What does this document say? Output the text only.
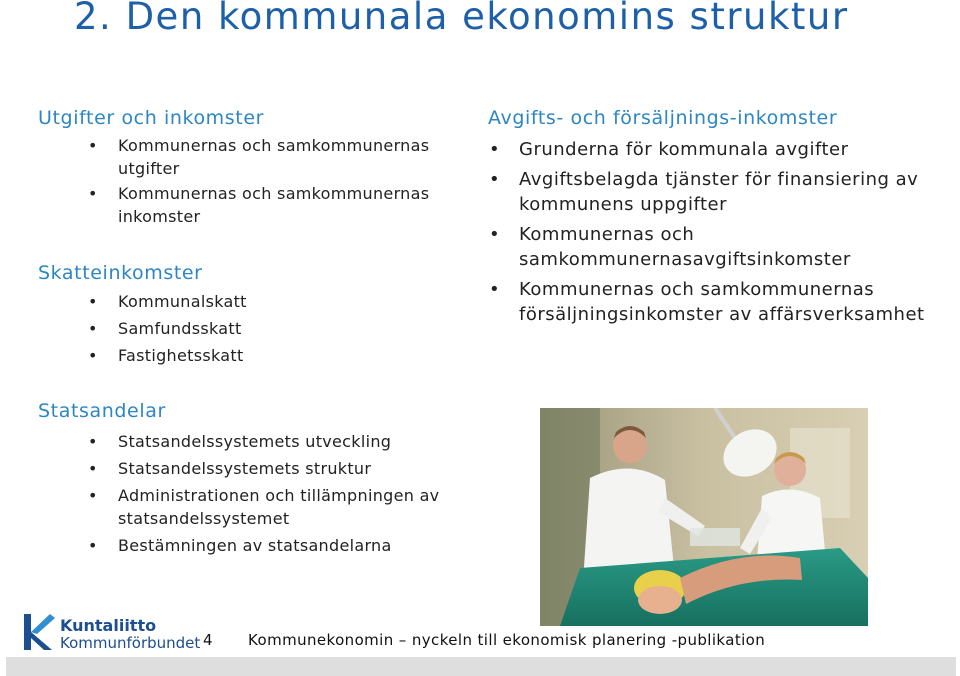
2. Den kommunala ekonomins struktur
Utgifter och inkomster
• Kommunernas och samkommunernas utgifter
• Kommunernas och samkommunernas inkomster
Skatteinkomster
• Kommunalskatt
• Samfundsskatt
• Fastighetsskatt
Avgifts- och försäljnings-inkomster
• Grunderna för kommunala avgifter
• Avgiftsbelagda tjänster för finansiering av kommunens uppgifter
• Kommunernas och samkommunernasavgiftsinkomster
• Kommunernas och samkommunernas försäljningsinkomster av affärsverksamhet
Statsandelar
• Statsandelssystemets utveckling
• Statsandelssystemets struktur
• Administrationen och tillämpningen av statsandelssystemet
• Bestämningen av statsandelarna
Kuntaliitto
Kommunförbundet 4 Kommunekonomin – nyckeln till ekonomisk planering -publikation
